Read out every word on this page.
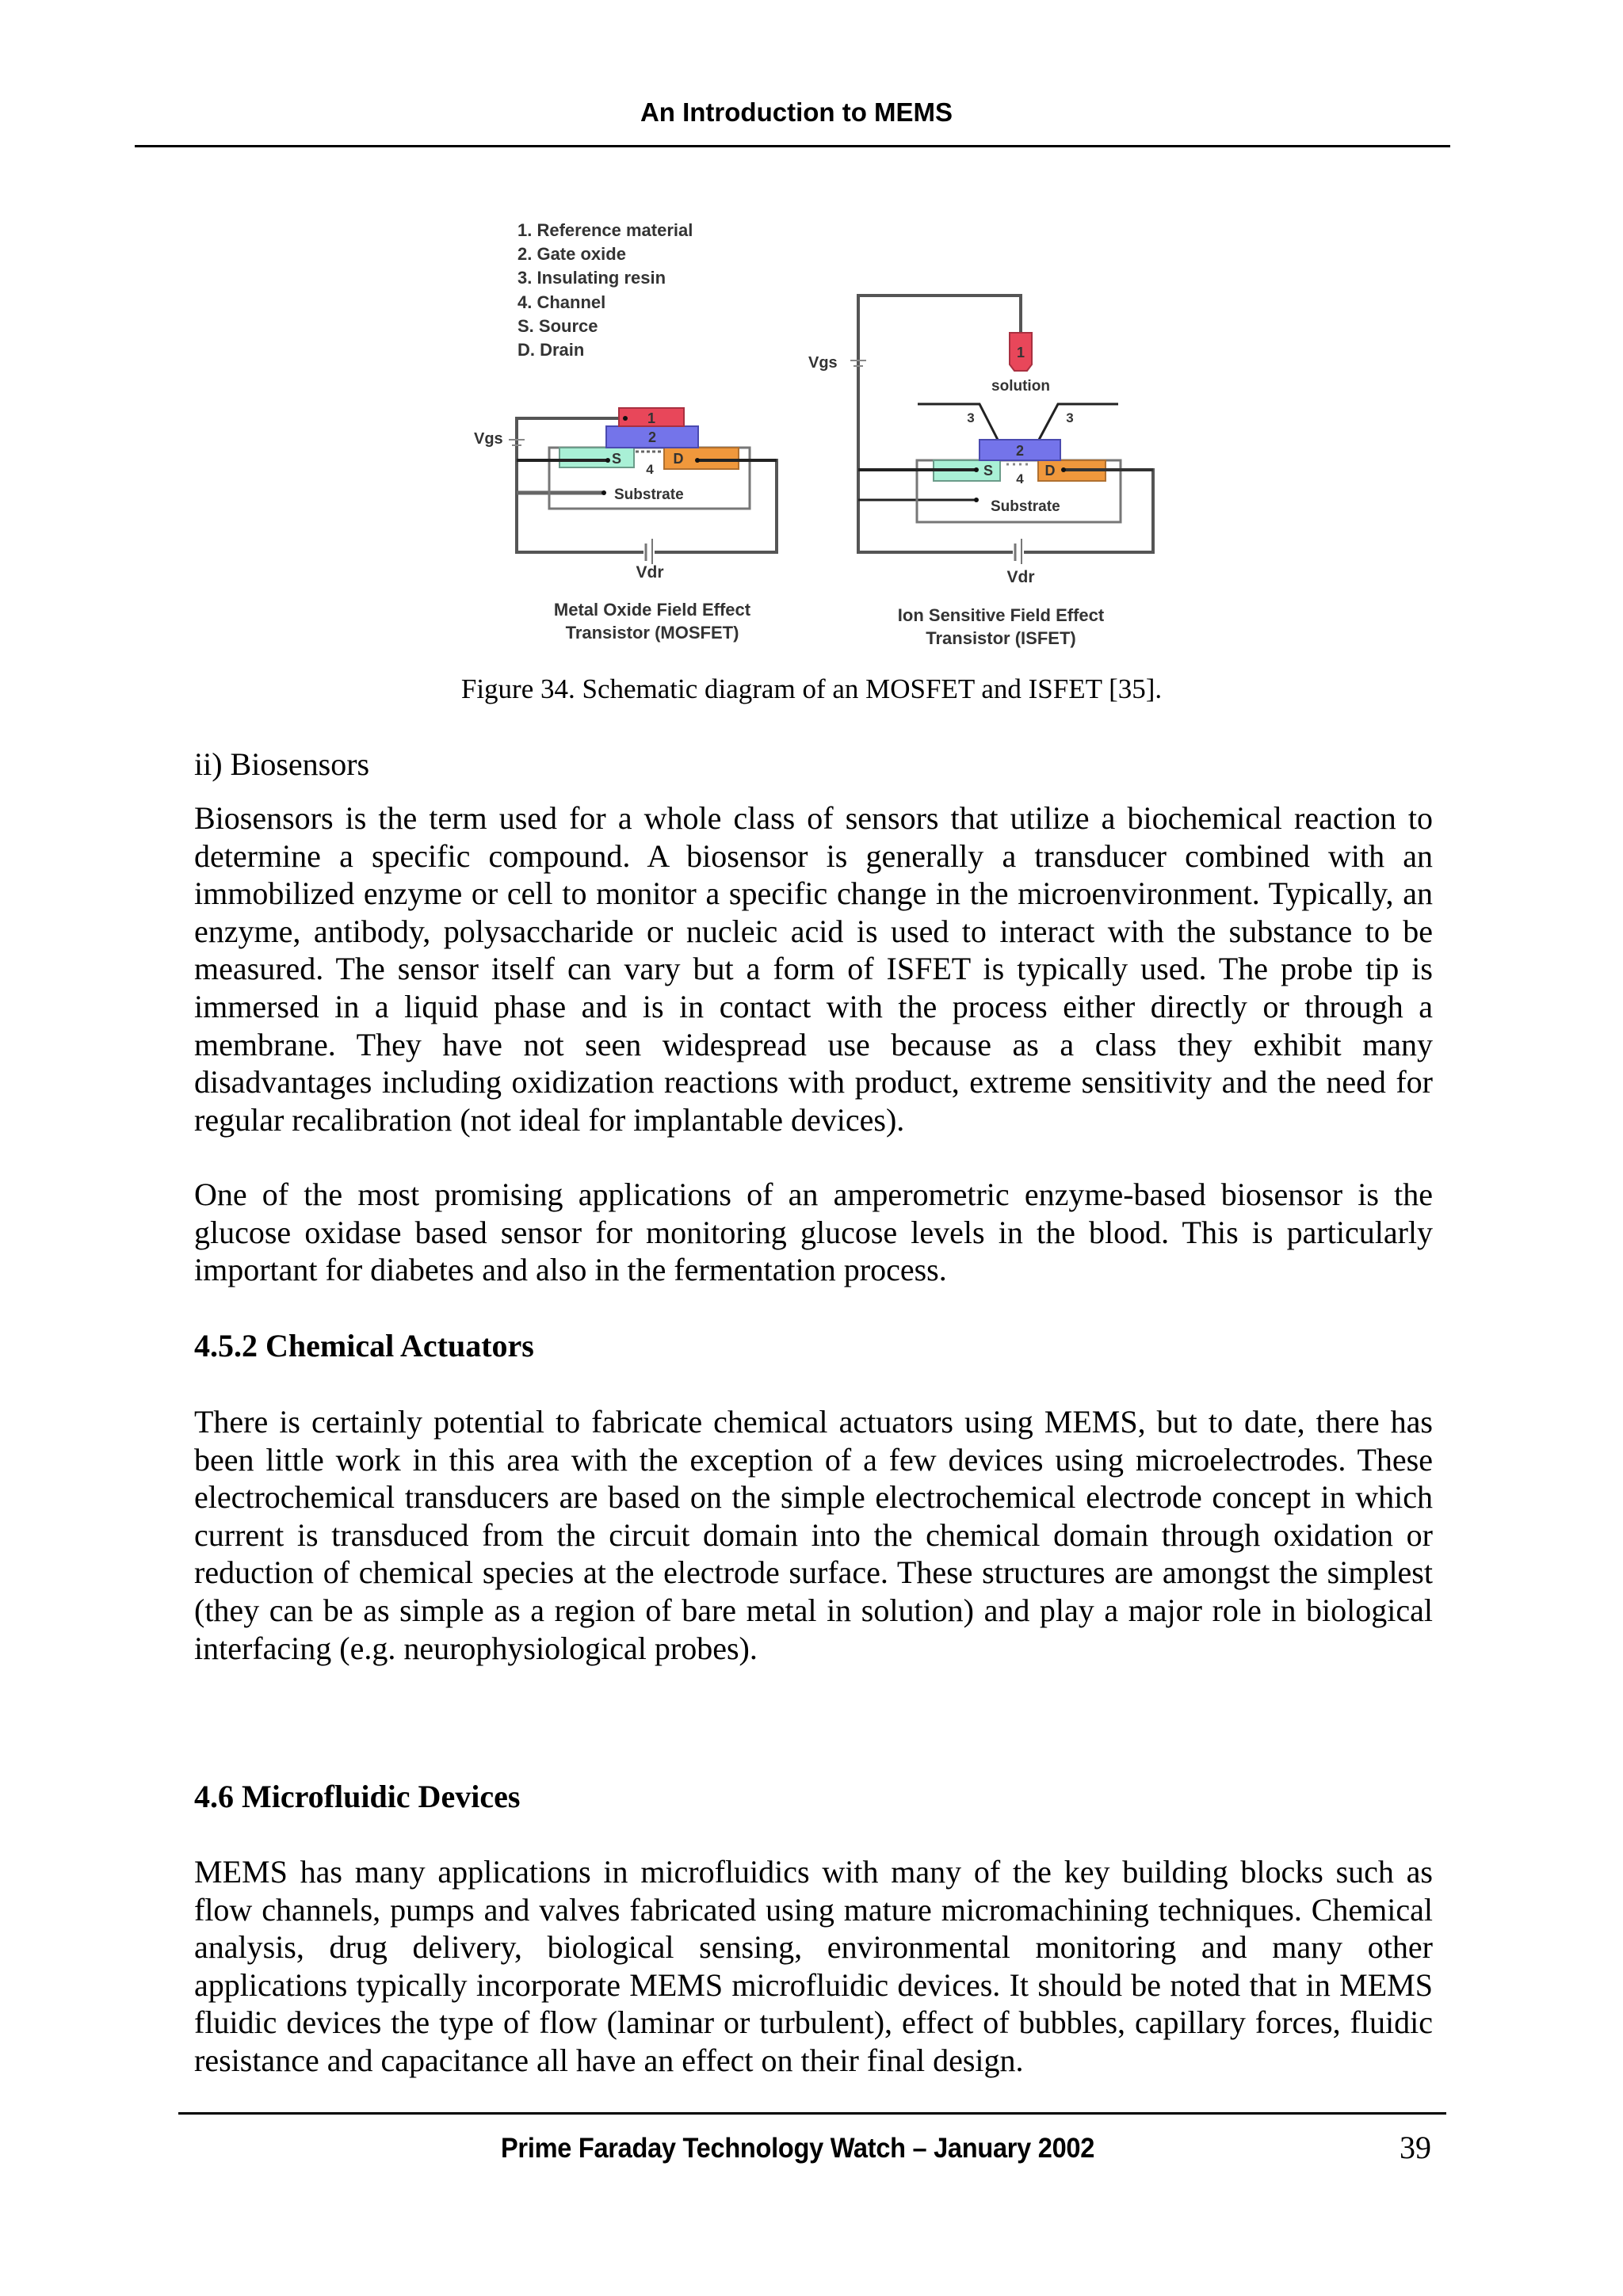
An Introduction to MEMS
1. Reference material
2. Gate oxide
3. Insulating resin
4. Channel
S. Source
D. Drain
1
2
S	D
4
Substrate
Vgs
Vdr
Metal Oxide Field Effect
Transistor (MOSFET)
1
solution
3	3
2
S	D
4
Substrate
Vgs
Vdr
Ion Sensitive Field Effect
Transistor (ISFET)
Figure 34. Schematic diagram of an MOSFET and ISFET [35].
ii) Biosensors
Biosensors is the term used for a whole class of sensors that utilize a biochemical reaction to determine a specific compound. A biosensor is generally a transducer combined with an immobilized enzyme or cell to monitor a specific change in the microenvironment. Typically, an enzyme, antibody, polysaccharide or nucleic acid is used to interact with the substance to be measured. The sensor itself can vary but a form of ISFET is typically used. The probe tip is immersed in a liquid phase and is in contact with the process either directly or through a membrane. They have not seen widespread use because as a class they exhibit many disadvantages including oxidization reactions with product, extreme sensitivity and the need for regular recalibration (not ideal for implantable devices).
One of the most promising applications of an amperometric enzyme-based biosensor is the glucose oxidase based sensor for monitoring glucose levels in the blood. This is particularly important for diabetes and also in the fermentation process.
4.5.2 Chemical Actuators
There is certainly potential to fabricate chemical actuators using MEMS, but to date, there has been little work in this area with the exception of a few devices using microelectrodes. These electrochemical transducers are based on the simple electrochemical electrode concept in which current is transduced from the circuit domain into the chemical domain through oxidation or reduction of chemical species at the electrode surface. These structures are amongst the simplest (they can be as simple as a region of bare metal in solution) and play a major role in biological interfacing (e.g. neurophysiological probes).
4.6 Microfluidic Devices
MEMS has many applications in microfluidics with many of the key building blocks such as flow channels, pumps and valves fabricated using mature micromachining techniques. Chemical analysis, drug delivery, biological sensing, environmental monitoring and many other applications typically incorporate MEMS microfluidic devices. It should be noted that in MEMS fluidic devices the type of flow (laminar or turbulent), effect of bubbles, capillary forces, fluidic resistance and capacitance all have an effect on their final design.
Prime Faraday Technology Watch – January 2002	39
